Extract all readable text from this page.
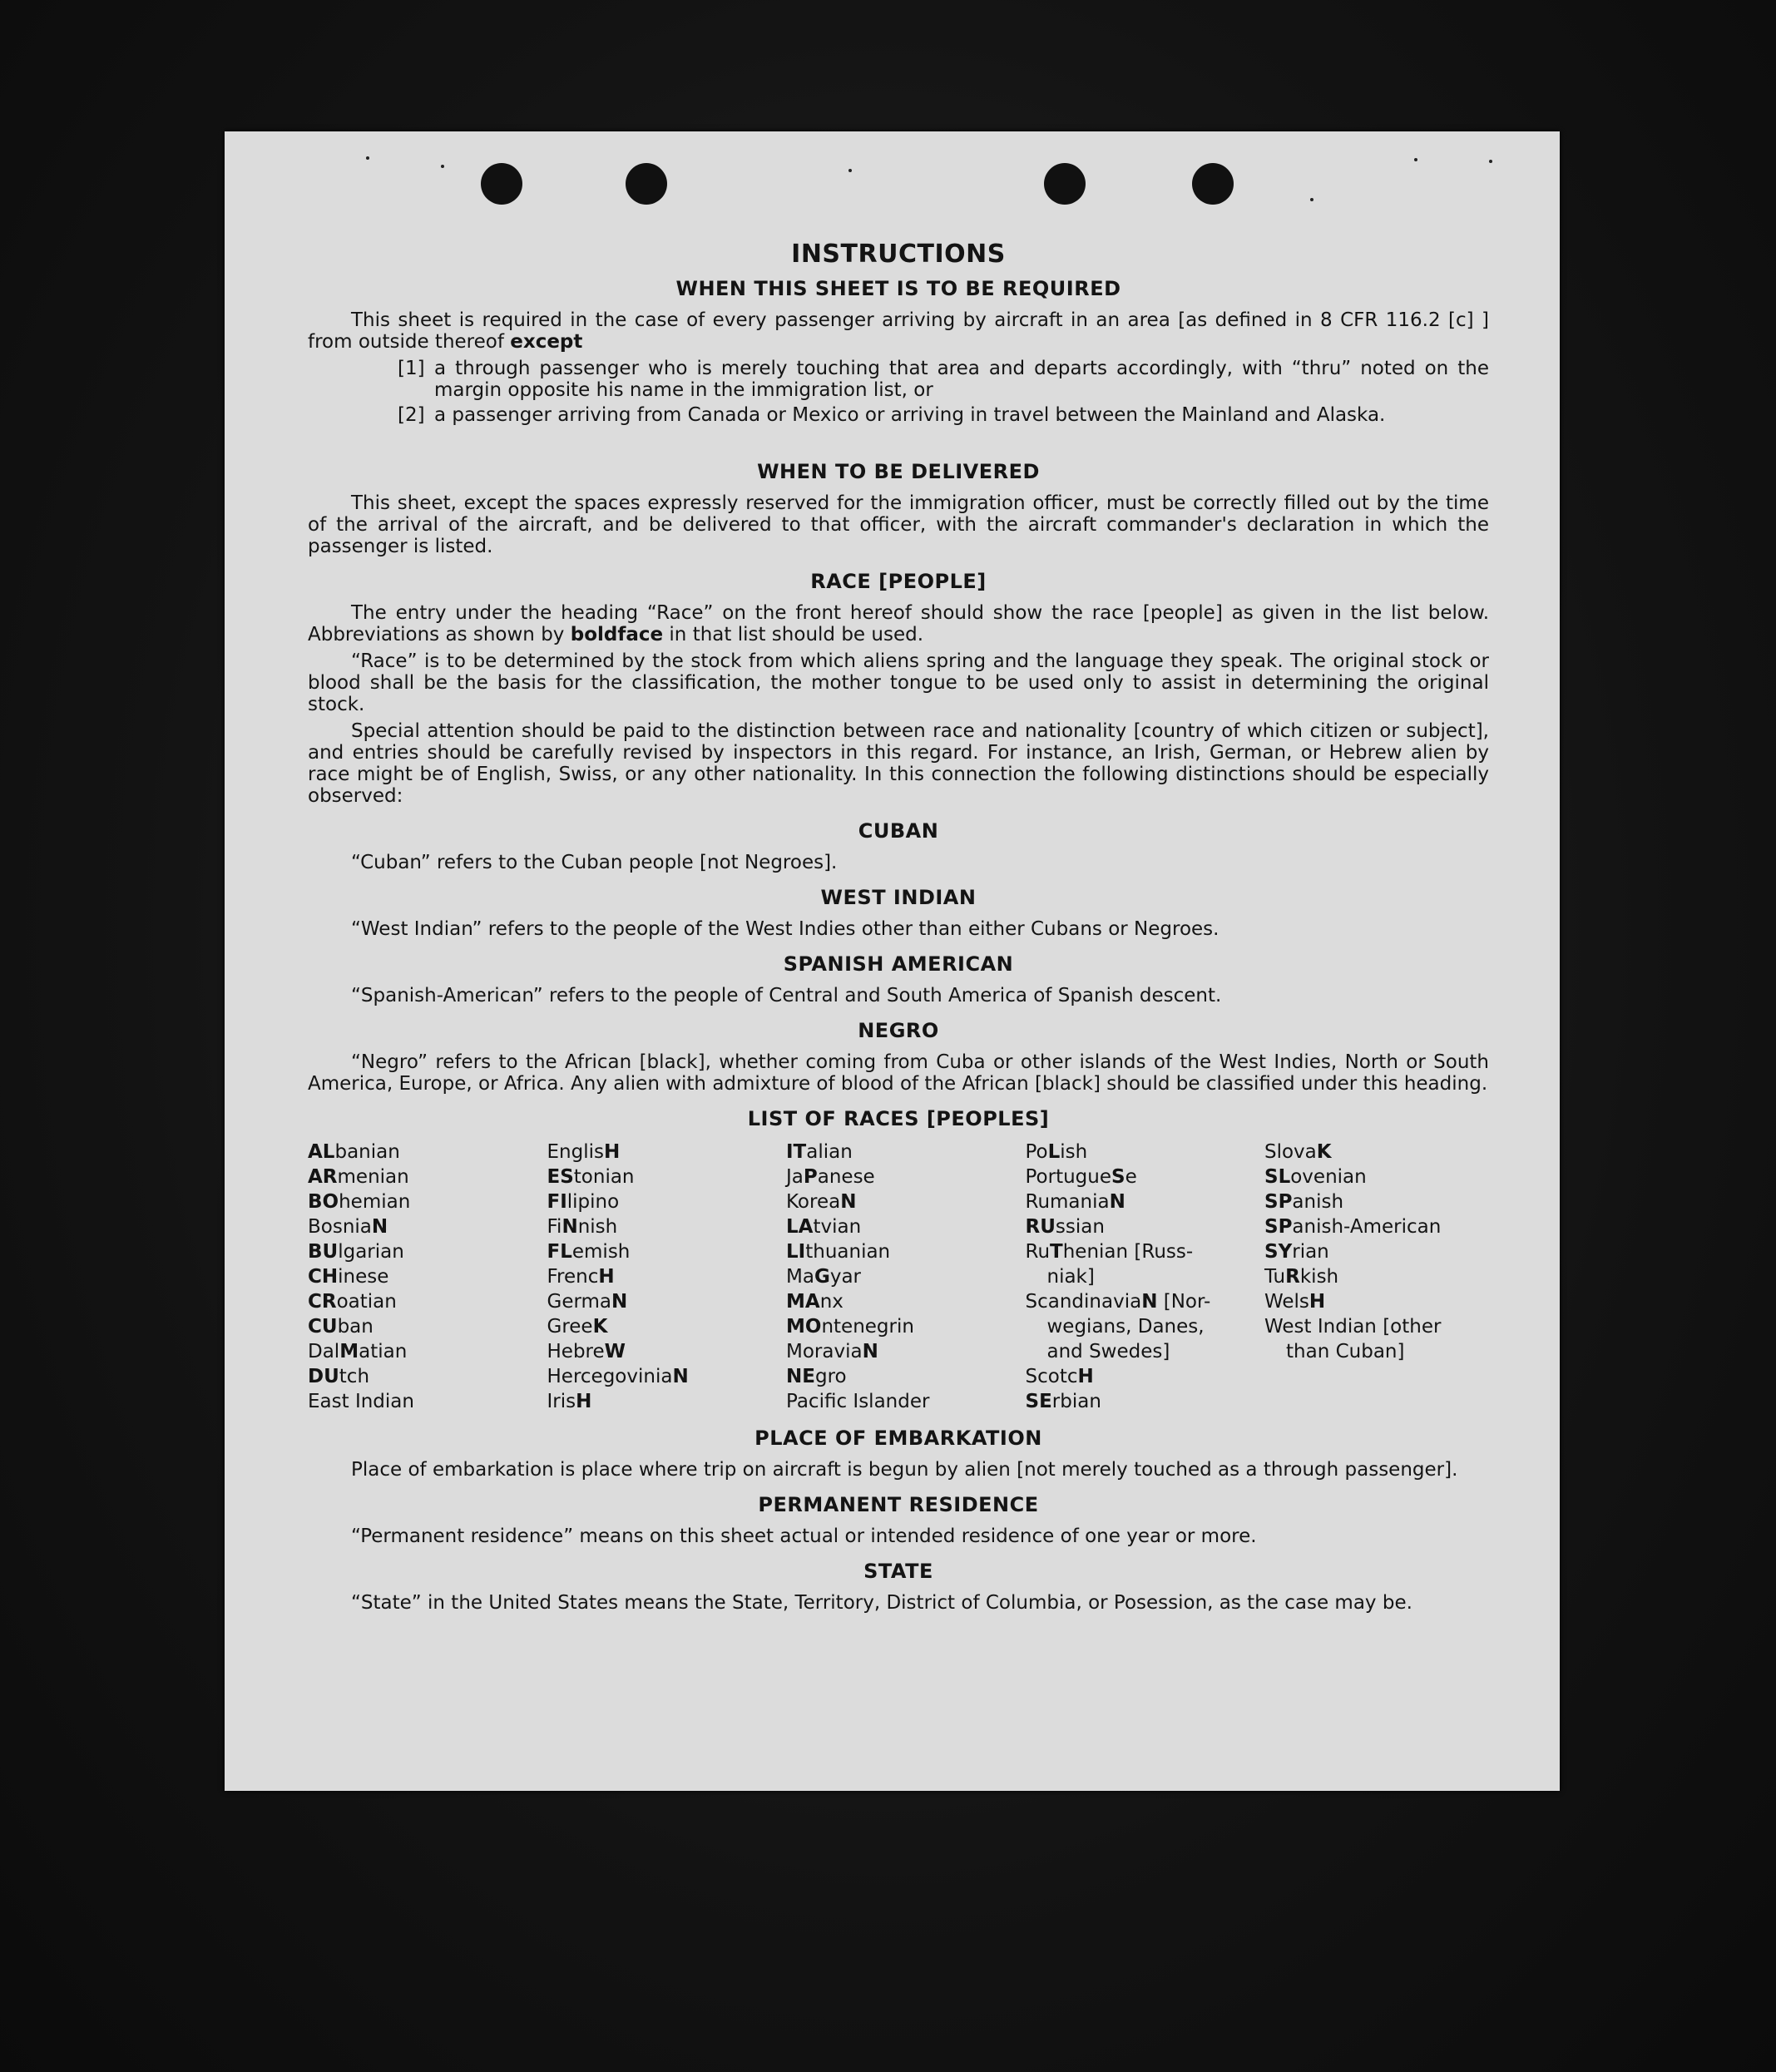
INSTRUCTIONS
WHEN THIS SHEET IS TO BE REQUIRED

This sheet is required in the case of every passenger arriving by aircraft in an area [as defined in 8 CFR 116.2 [c] ] from outside thereof except

[1] a through passenger who is merely touching that area and departs accordingly, with “thru” noted on the margin opposite his name in the immigration list, or
[2] a passenger arriving from Canada or Mexico or arriving in travel between the Mainland and Alaska.
WHEN TO BE DELIVERED

This sheet, except the spaces expressly reserved for the immigration officer, must be correctly filled out by the time of the arrival of the aircraft, and be delivered to that officer, with the aircraft commander's declaration in which the passenger is listed.

RACE [PEOPLE]

The entry under the heading “Race” on the front hereof should show the race [people] as given in the list below. Abbreviations as shown by boldface in that list should be used.

“Race” is to be determined by the stock from which aliens spring and the language they speak. The original stock or blood shall be the basis for the classification, the mother tongue to be used only to assist in determining the original stock.

Special attention should be paid to the distinction between race and nationality [country of which citizen or subject], and entries should be carefully revised by inspectors in this regard. For instance, an Irish, German, or Hebrew alien by race might be of English, Swiss, or any other nationality. In this connection the following distinctions should be especially observed:

CUBAN

“Cuban” refers to the Cuban people [not Negroes].

WEST INDIAN

“West Indian” refers to the people of the West Indies other than either Cubans or Negroes.

SPANISH AMERICAN

“Spanish-American” refers to the people of Central and South America of Spanish descent.

NEGRO

“Negro” refers to the African [black], whether coming from Cuba or other islands of the West Indies, North or South America, Europe, or Africa. Any alien with admixture of blood of the African [black] should be classified under this heading.

LIST OF RACES [PEOPLES]
ALbanian
ARmenian
BOhemian
BosniaN
BUlgarian
CHinese
CRoatian
CUban
DalMatian
DUtch
East Indian
EnglisH
EStonian
FIlipino
FiNnish
FLemish
FrencH
GermaN
GreeK
HebreW
HercegoviniaN
IrisH
ITalian
JaPanese
KoreaN
LAtvian
LIthuanian
MaGyar
MAnx
MOntenegrin
MoraviaN
NEgro
Pacific Islander
PoLish
PortugueSe
RumaniaN
RUssian
RuThenian [Russ-
niak]
ScandinaviaN [Nor-
wegians, Danes,
and Swedes]
ScotcH
SErbian
SlovaK
SLovenian
SPanish
SPanish-American
SYrian
TuRkish
WelsH
West Indian [other
than Cuban]
PLACE OF EMBARKATION

Place of embarkation is place where trip on aircraft is begun by alien [not merely touched as a through passenger].

PERMANENT RESIDENCE

“Permanent residence” means on this sheet actual or intended residence of one year or more.

STATE

“State” in the United States means the State, Territory, District of Columbia, or Posession, as the case may be.
